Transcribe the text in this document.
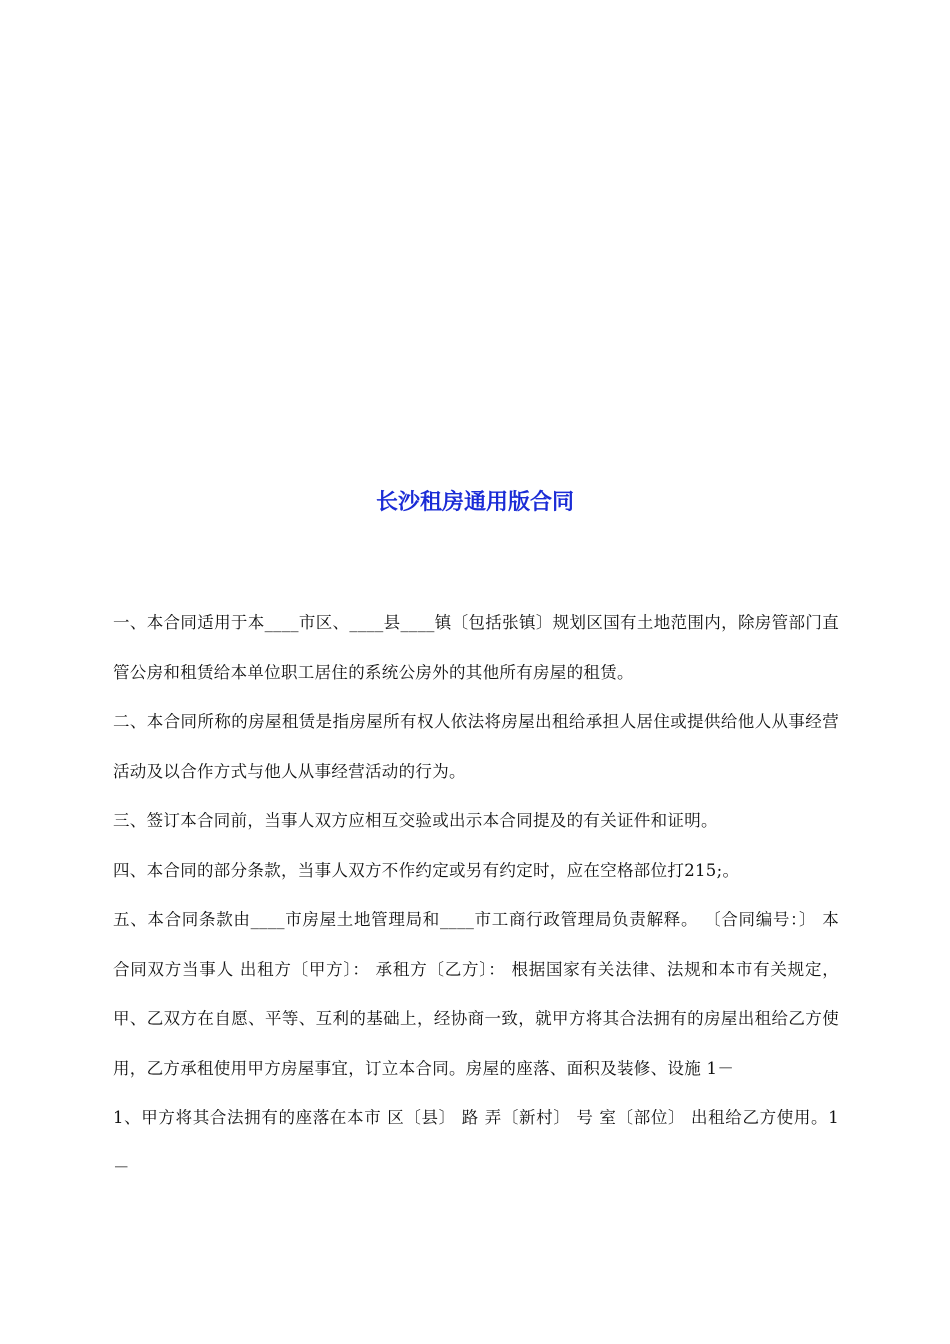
长沙租房通用版合同

一、本合同适用于本____市区、____县____镇〔包括张镇〕规划区国有土地范围内，除房管部门直管公房和租赁给本单位职工居住的系统公房外的其他所有房屋的租赁。

二、本合同所称的房屋租赁是指房屋所有权人依法将房屋出租给承担人居住或提供给他人从事经营活动及以合作方式与他人从事经营活动的行为。

三、签订本合同前，当事人双方应相互交验或出示本合同提及的有关证件和证明。

四、本合同的部分条款，当事人双方不作约定或另有约定时，应在空格部位打215;。

五、本合同条款由____市房屋土地管理局和____市工商行政管理局负责解释。 〔合同编号：〕 本合同双方当事人 出租方〔甲方〕： 承租方〔乙方〕： 根据国家有关法律、法规和本市有关规定，甲、乙双方在自愿、平等、互利的基础上，经协商一致，就甲方将其合法拥有的房屋出租给乙方使用，乙方承租使用甲方房屋事宜，订立本合同。房屋的座落、面积及装修、设施 1－

1、甲方将其合法拥有的座落在本市 区〔县〕 路 弄〔新村〕 号 室〔部位〕 出租给乙方使用。1－
